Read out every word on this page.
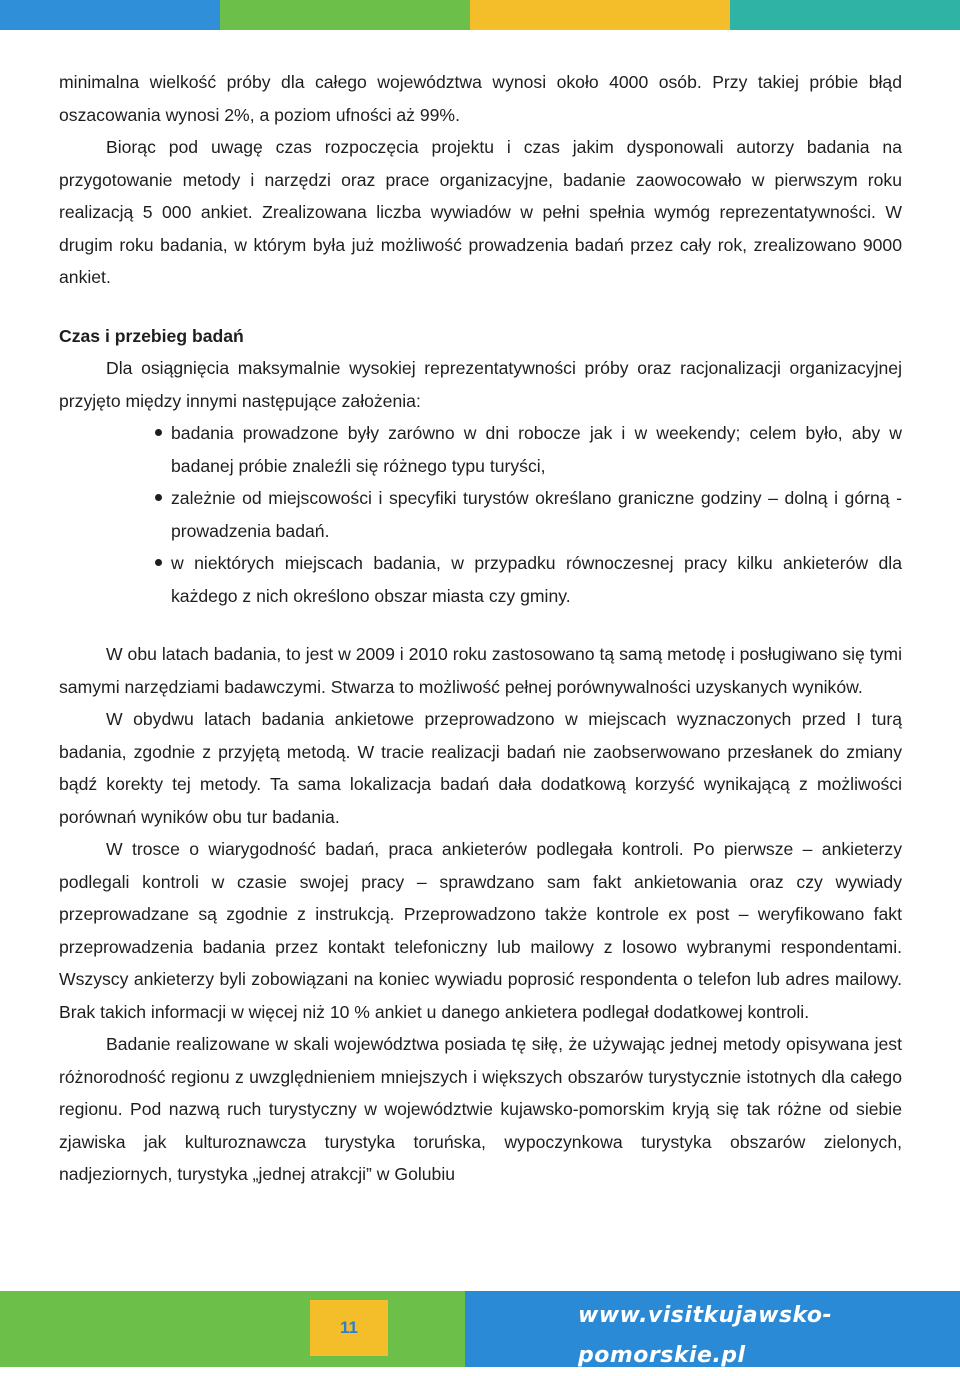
minimalna wielkość próby dla całego województwa wynosi około 4000 osób. Przy takiej próbie błąd oszacowania wynosi 2%, a poziom ufności aż 99%.

Biorąc pod uwagę czas rozpoczęcia projektu i czas jakim dysponowali autorzy badania na przygotowanie metody i narzędzi oraz prace organizacyjne, badanie zaowocowało w pierwszym roku realizacją 5 000 ankiet. Zrealizowana liczba wywiadów w pełni spełnia wymóg reprezentatywności. W drugim roku badania, w którym była już możliwość prowadzenia badań przez cały rok, zrealizowano 9000 ankiet.

Czas i przebieg badań

Dla osiągnięcia maksymalnie wysokiej reprezentatywności próby oraz racjonalizacji organizacyjnej przyjęto między innymi następujące założenia:

badania prowadzone były zarówno w dni robocze jak i w weekendy; celem było, aby w badanej próbie znaleźli się różnego typu turyści,
zależnie od miejscowości i specyfiki turystów określano graniczne godziny – dolną i górną - prowadzenia badań.
w niektórych miejscach badania, w przypadku równoczesnej pracy kilku ankieterów dla każdego z nich określono obszar miasta czy gminy.

W obu latach badania, to jest w 2009 i 2010 roku zastosowano tą samą metodę i posługiwano się tymi samymi narzędziami badawczymi. Stwarza to możliwość pełnej porównywalności uzyskanych wyników.

W obydwu latach badania ankietowe przeprowadzono w miejscach wyznaczonych przed I turą badania, zgodnie z przyjętą metodą. W tracie realizacji badań nie zaobserwowano przesłanek do zmiany bądź korekty tej metody. Ta sama lokalizacja badań dała dodatkową korzyść wynikającą z możliwości porównań wyników obu tur badania.

W trosce o wiarygodność badań, praca ankieterów podlegała kontroli. Po pierwsze – ankieterzy podlegali kontroli w czasie swojej pracy – sprawdzano sam fakt ankietowania oraz czy wywiady przeprowadzane są zgodnie z instrukcją. Przeprowadzono także kontrole ex post – weryfikowano fakt przeprowadzenia badania przez kontakt telefoniczny lub mailowy z losowo wybranymi respondentami. Wszyscy ankieterzy byli zobowiązani na koniec wywiadu poprosić respondenta o telefon lub adres mailowy. Brak takich informacji w więcej niż 10 % ankiet u danego ankietera podlegał dodatkowej kontroli.

Badanie realizowane w skali województwa posiada tę siłę, że używając jednej metody opisywana jest różnorodność regionu z uwzględnieniem mniejszych i większych obszarów turystycznie istotnych dla całego regionu. Pod nazwą ruch turystyczny w województwie kujawsko-pomorskim kryją się tak różne od siebie zjawiska jak kulturoznawcza turystyka toruńska, wypoczynkowa turystyka obszarów zielonych, nadjeziornych, turystyka „jednej atrakcji” w Golubiu

11	www.visitkujawsko-pomorskie.pl
